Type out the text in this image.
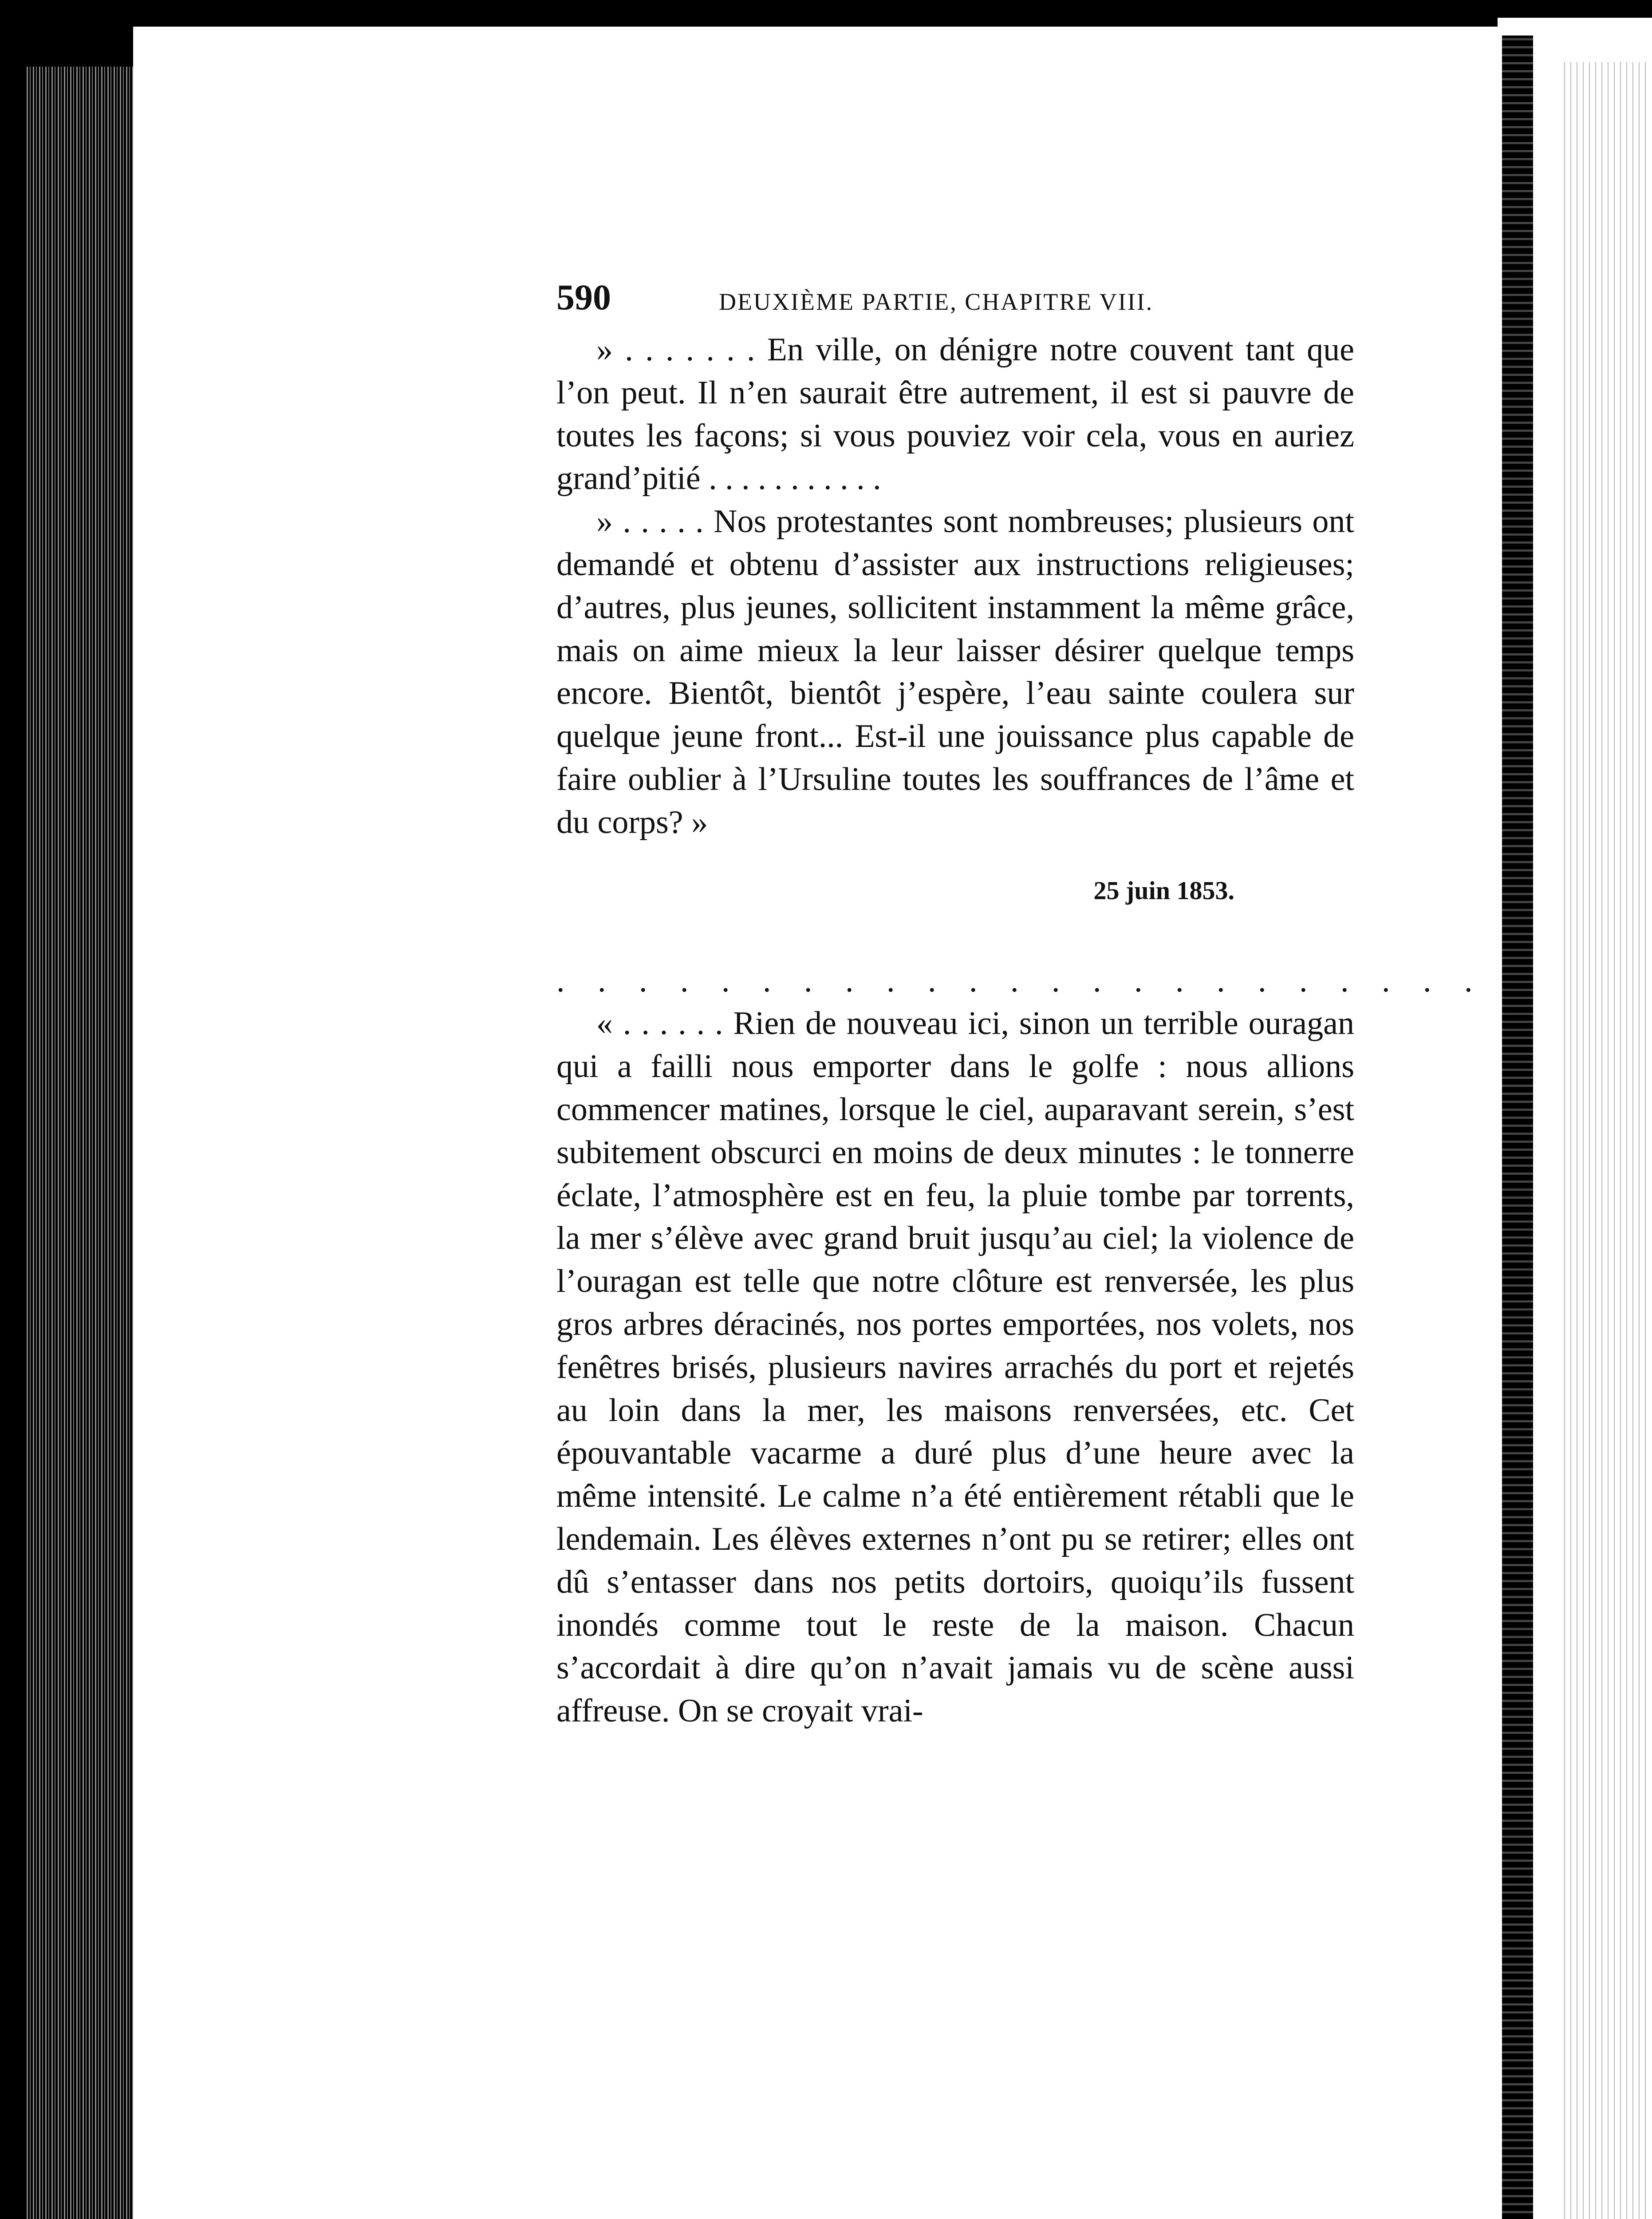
590	DEUXIÈME PARTIE, CHAPITRE VIII.

» . . . . . . . En ville, on dénigre notre couvent tant que l’on peut. Il n’en saurait être autrement, il est si pauvre de toutes les façons; si vous pouviez voir cela, vous en auriez grand’pitié . . . . . . . . . . .

» . . . . . Nos protestantes sont nombreuses; plusieurs ont demandé et obtenu d’assister aux instructions religieuses; d’autres, plus jeunes, sollicitent instamment la même grâce, mais on aime mieux la leur laisser désirer quelque temps encore. Bientôt, bientôt j’espère, l’eau sainte coulera sur quelque jeune front... Est-il une jouissance plus capable de faire oublier à l’Ursuline toutes les souffrances de l’âme et du corps? »

25 juin 1853.
. . . . . . . . . . . . . . . . . . . . . . .

« . . . . . . Rien de nouveau ici, sinon un terrible ouragan qui a failli nous emporter dans le golfe : nous allions commencer matines, lorsque le ciel, auparavant serein, s’est subitement obscurci en moins de deux minutes : le tonnerre éclate, l’atmosphère est en feu, la pluie tombe par torrents, la mer s’élève avec grand bruit jusqu’au ciel; la violence de l’ouragan est telle que notre clôture est renversée, les plus gros arbres déracinés, nos portes emportées, nos volets, nos fenêtres brisés, plusieurs navires arrachés du port et rejetés au loin dans la mer, les maisons renversées, etc. Cet épouvantable vacarme a duré plus d’une heure avec la même intensité. Le calme n’a été entièrement rétabli que le lendemain. Les élèves externes n’ont pu se retirer; elles ont dû s’entasser dans nos petits dortoirs, quoiqu’ils fussent inondés comme tout le reste de la maison. Chacun s’accordait à dire qu’on n’avait jamais vu de scène aussi affreuse. On se croyait vrai-
